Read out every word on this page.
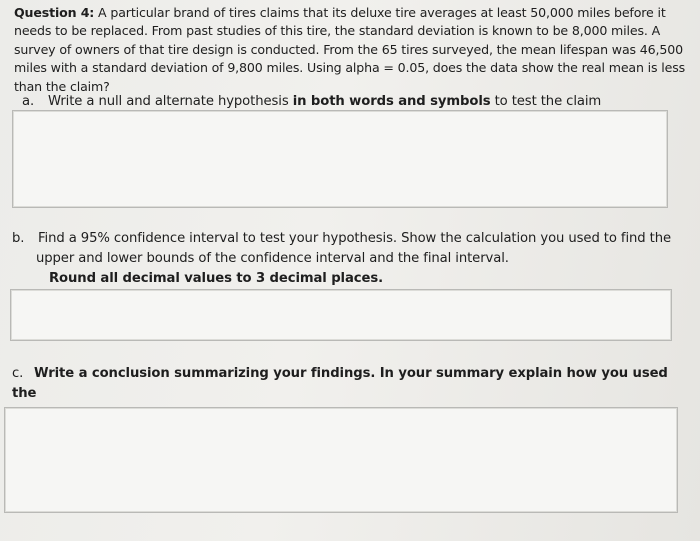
Question 4: A particular brand of tires claims that its deluxe tire averages at least 50,000 miles before it needs to be replaced. From past studies of this tire, the standard deviation is known to be 8,000 miles. A survey of owners of that tire design is conducted. From the 65 tires surveyed, the mean lifespan was 46,500 miles with a standard deviation of 9,800 miles. Using alpha = 0.05, does the data show the real mean is less than the claim?
a. Write a null and alternate hypothesis in both words and symbols to test the claim
b. Find a 95% confidence interval to test your hypothesis. Show the calculation you used to find the
upper and lower bounds of the confidence interval and the final interval.
Round all decimal values to 3 decimal places.
c. Write a conclusion summarizing your findings. In your summary explain how you used the
